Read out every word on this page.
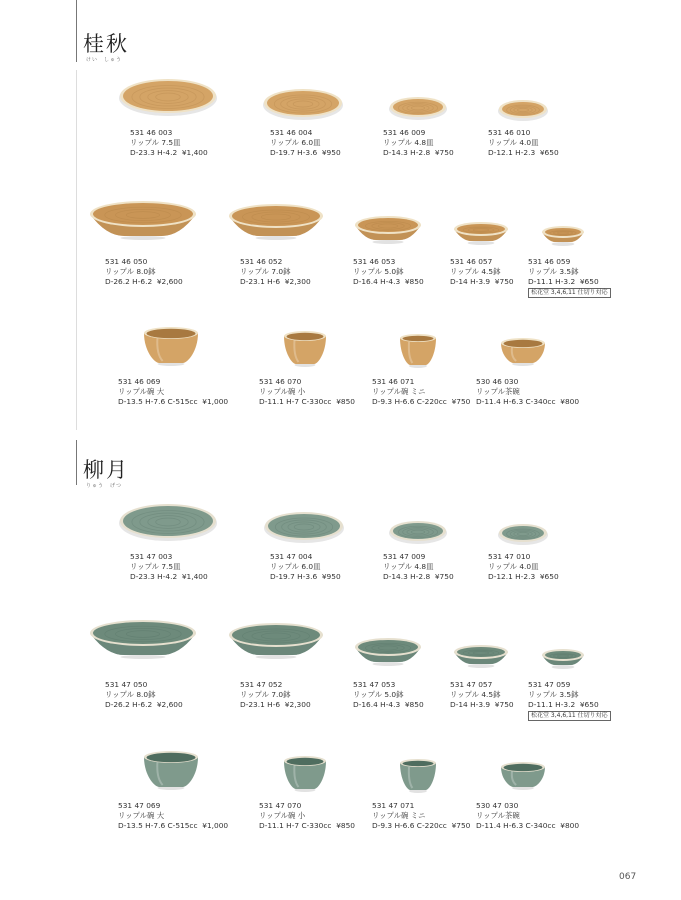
桂秋
けい　しゅう
柳月
りゅう　げつ
531 46 003
リップル 7.5皿
D-23.3 H-4.2 ¥1,400
531 46 004
リップル 6.0皿
D-19.7 H-3.6 ¥950
531 46 009
リップル 4.8皿
D-14.3 H-2.8 ¥750
531 46 010
リップル 4.0皿
D-12.1 H-2.3 ¥650
531 46 050
リップル 8.0鉢
D-26.2 H-6.2 ¥2,600
531 46 052
リップル 7.0鉢
D-23.1 H-6 ¥2,300
531 46 053
リップル 5.0鉢
D-16.4 H-4.3 ¥850
531 46 057
リップル 4.5鉢
D-14 H-3.9 ¥750
531 46 059
リップル 3.5鉢
D-11.1 H-3.2 ¥650
松花堂 3,4,6,11 仕切り対応
531 46 069
リップル碗 大
D-13.5 H-7.6 C-515cc ¥1,000
531 46 070
リップル碗 小
D-11.1 H-7 C-330cc ¥850
531 46 071
リップル碗 ミニ
D-9.3 H-6.6 C-220cc ¥750
530 46 030
リップル茶碗
D-11.4 H-6.3 C-340cc ¥800
531 47 003
リップル 7.5皿
D-23.3 H-4.2 ¥1,400
531 47 004
リップル 6.0皿
D-19.7 H-3.6 ¥950
531 47 009
リップル 4.8皿
D-14.3 H-2.8 ¥750
531 47 010
リップル 4.0皿
D-12.1 H-2.3 ¥650
531 47 050
リップル 8.0鉢
D-26.2 H-6.2 ¥2,600
531 47 052
リップル 7.0鉢
D-23.1 H-6 ¥2,300
531 47 053
リップル 5.0鉢
D-16.4 H-4.3 ¥850
531 47 057
リップル 4.5鉢
D-14 H-3.9 ¥750
531 47 059
リップル 3.5鉢
D-11.1 H-3.2 ¥650
松花堂 3,4,6,11 仕切り対応
531 47 069
リップル碗 大
D-13.5 H-7.6 C-515cc ¥1,000
531 47 070
リップル碗 小
D-11.1 H-7 C-330cc ¥850
531 47 071
リップル碗 ミニ
D-9.3 H-6.6 C-220cc ¥750
530 47 030
リップル茶碗
D-11.4 H-6.3 C-340cc ¥800
067
